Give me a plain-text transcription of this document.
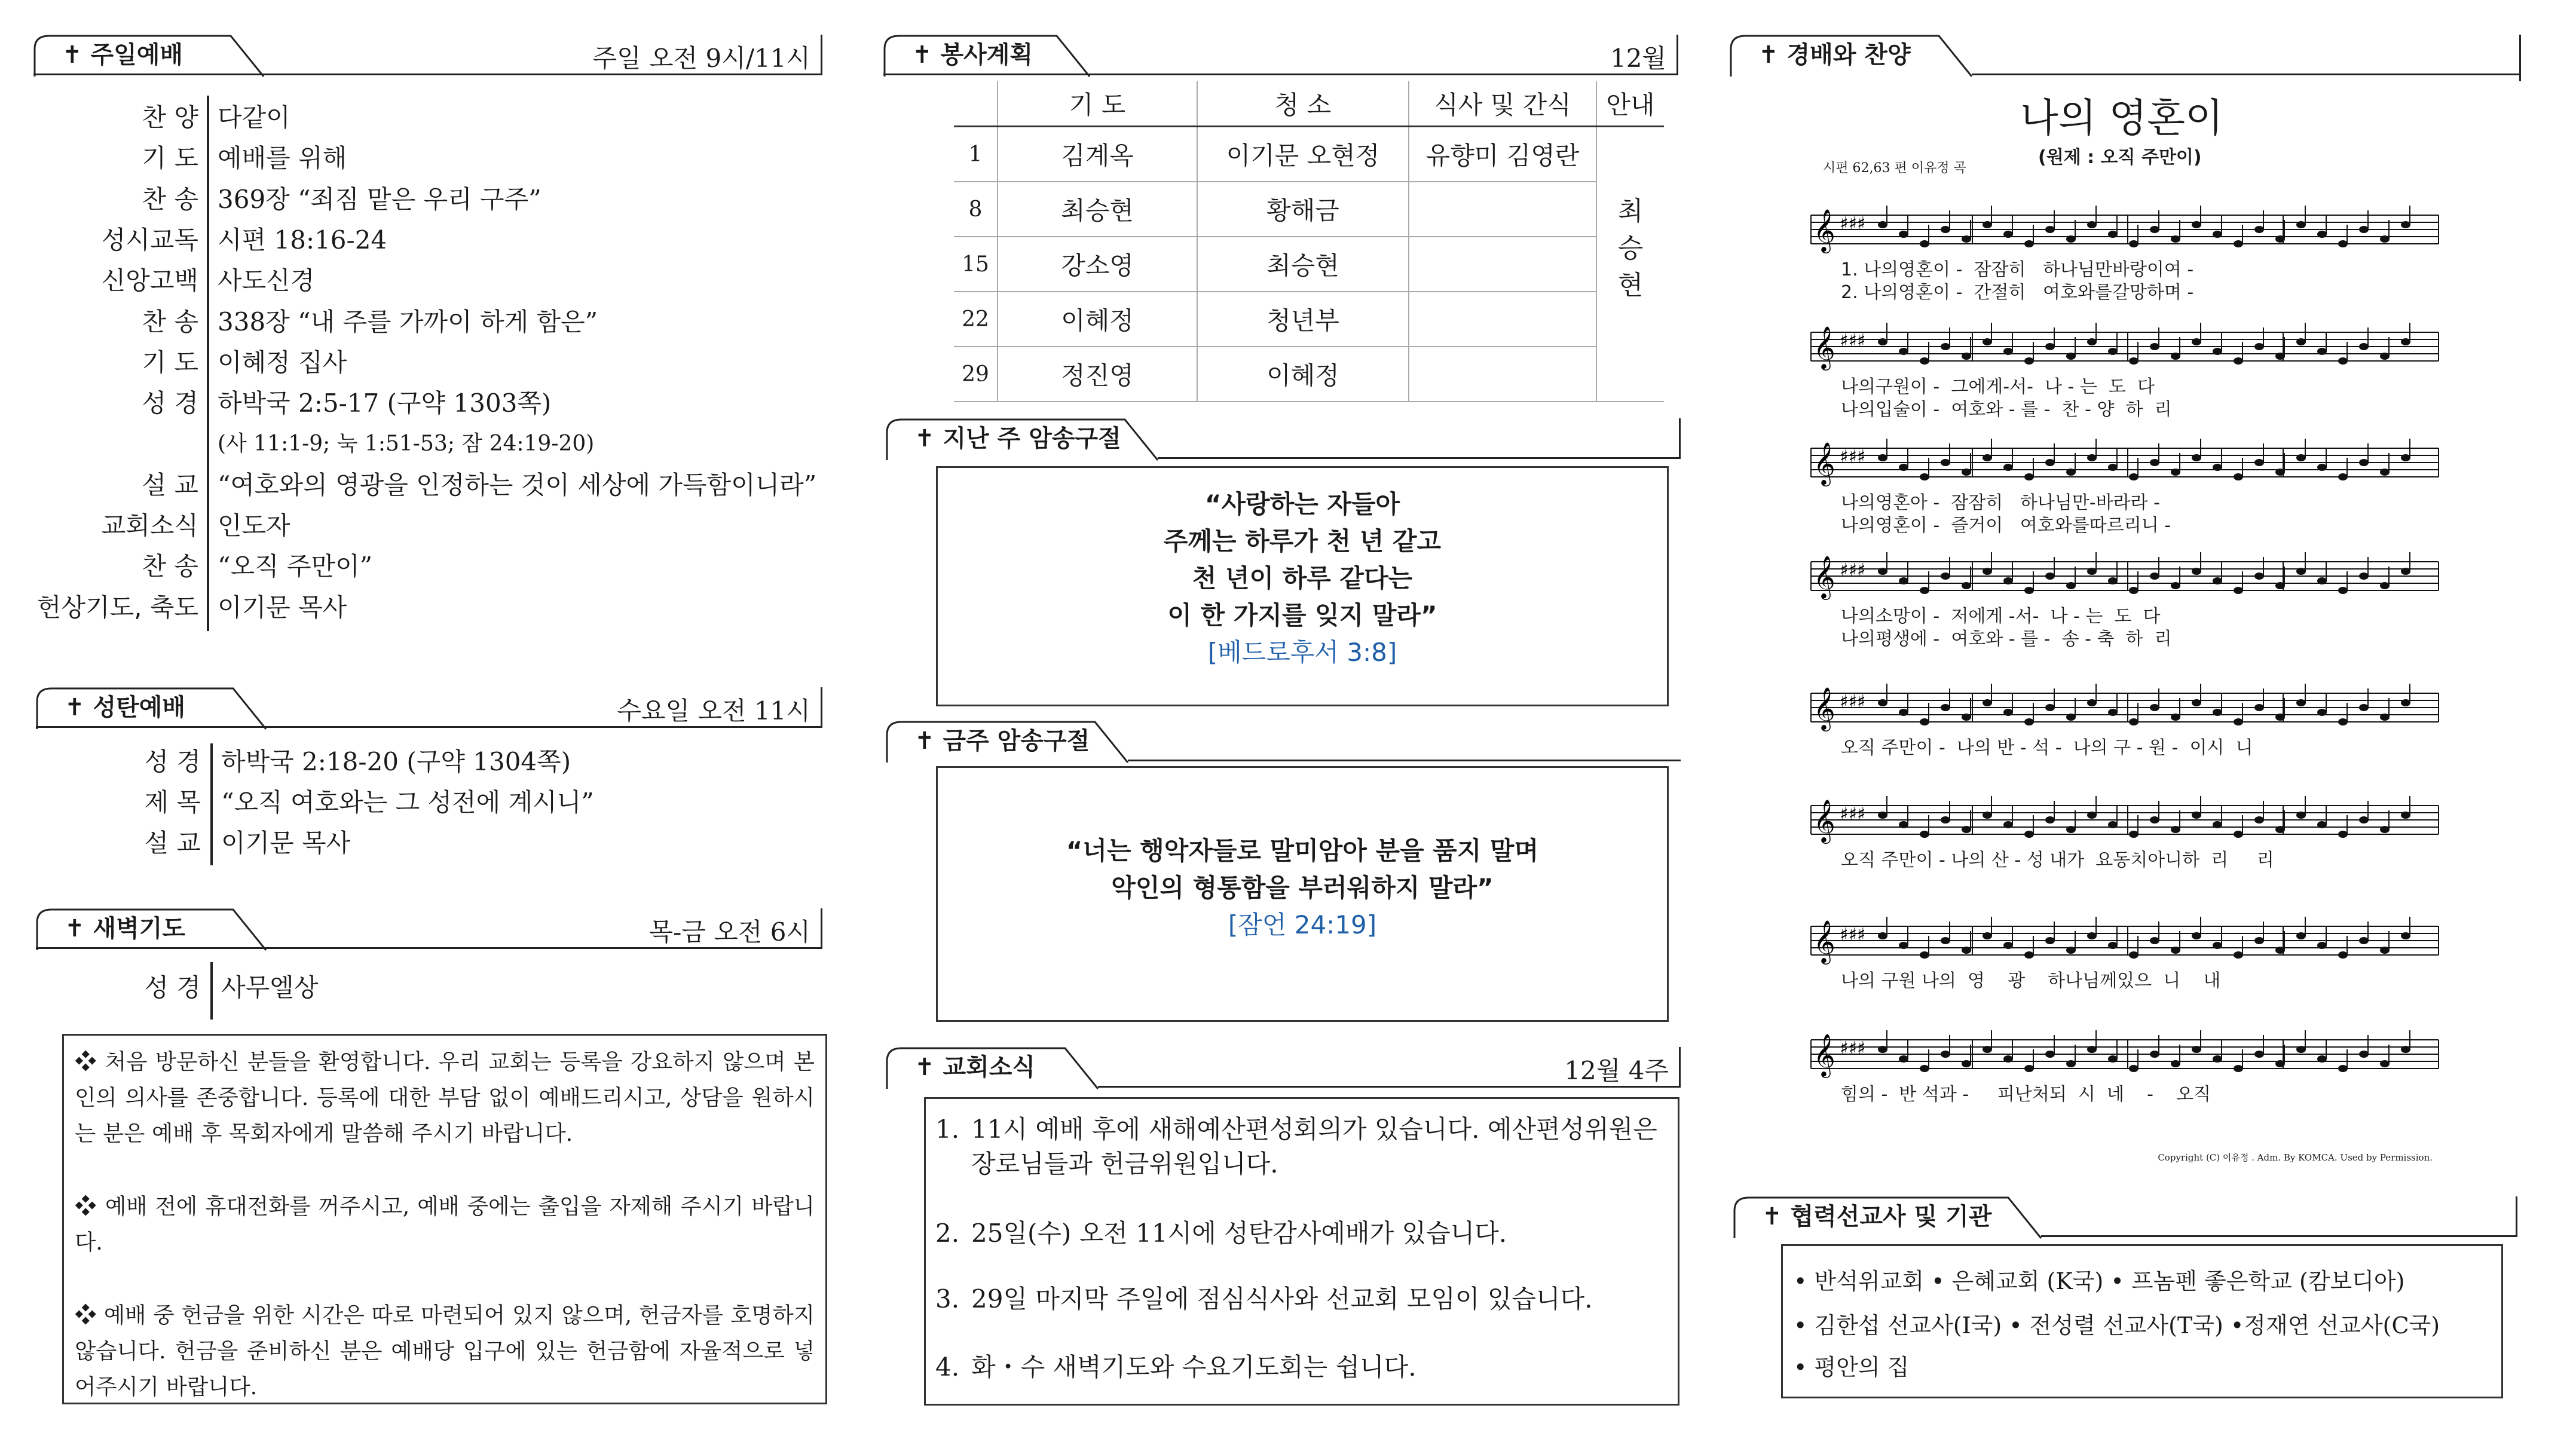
✝ 주일예배	주일 오전 9시/11시
찬 양 다같이
기 도 예배를 위해
찬 송 369장 “죄짐 맡은 우리 구주”
성시교독 시편 18:16-24
신앙고백 사도신경
찬 송 338장 “내 주를 가까이 하게 함은”
기 도 이혜정 집사
성 경 하박국 2:5-17 (구약 1303쪽)
(사 11:1-9; 눅 1:51-53; 잠 24:19-20)
설 교 “여호와의 영광을 인정하는 것이 세상에 가득함이니라”
교회소식 인도자
찬 송 “오직 주만이”
헌상기도, 축도 이기문 목사
✝ 성탄예배	수요일 오전 11시
성 경 하박국 2:18-20 (구약 1304쪽)
제 목 “오직 여호와는 그 성전에 계시니”
설 교 이기문 목사
✝ 새벽기도	목-금 오전 6시
성 경 사무엘상

❖ 처음 방문하신 분들을 환영합니다. 우리 교회는 등록을 강요하지 않으며 본인의 의사를 존중합니다. 등록에 대한 부담 없이 예배드리시고, 상담을 원하시는 분은 예배 후 목회자에게 말씀해 주시기 바랍니다.

❖ 예배 전에 휴대전화를 꺼주시고, 예배 중에는 출입을 자제해 주시기 바랍니다.

❖ 예배 중 헌금을 위한 시간은 따로 마련되어 있지 않으며, 헌금자를 호명하지 않습니다. 헌금을 준비하신 분은 예배당 입구에 있는 헌금함에 자율적으로 넣어주시기 바랍니다.

✝ 봉사계획	12월
	기 도	청 소	식사 및 간식	안내
1	김계옥	이기문 오현정	유향미 김영란	최
승
현

8	최승현	황해금		
15	강소영	최승현		
22	이혜정	청년부		
29	정진영	이혜정		
✝ 지난 주 암송구절
“사랑하는 자들아
주께는 하루가 천 년 같고
천 년이 하루 같다는
이 한 가지를 잊지 말라”
[베드로후서 3:8]
✝ 금주 암송구절
“너는 행악자들로 말미암아 분을 품지 말며
악인의 형통함을 부러워하지 말라”
[잠언 24:19]
✝ 교회소식	12월 4주
1. 11시 예배 후에 새해예산편성회의가 있습니다. 예산편성위원은
장로님들과 헌금위원입니다.
2. 25일(수) 오전 11시에 성탄감사예배가 있습니다.
3. 29일 마지막 주일에 점심식사와 선교회 모임이 있습니다.
4. 화・수 새벽기도와 수요기도회는 쉽니다.
✝ 경배와 찬양
나의 영혼이
(원제 : 오직 주만이)
시편 62,63 편 이유정 곡
𝄞 ♯♯♯
1. 나의영혼이 -  잠잠히   하나님만바랑이여 -
2. 나의영혼이 -  간절히   여호와를갈망하며 -
𝄞 ♯♯♯
나의구원이 -  그에게-서-  나 - 는  도  다
나의입술이 -  여호와 - 를 -  찬 - 양  하  리
𝄞 ♯♯♯
나의영혼아 -  잠잠히   하나님만-바라라 -
나의영혼이 -  즐거이   여호와를따르리니 -
𝄞 ♯♯♯
나의소망이 -  저에게 -서-  나 - 는  도  다
나의평생에 -  여호와 - 를 -  송 - 축  하  리
𝄞 ♯♯♯
오직 주만이 -  나의 반 - 석 -  나의 구 - 원 -  이시  니
𝄞 ♯♯♯
오직 주만이 - 나의 산 - 성 내가  요동치아니하  리     리
𝄞 ♯♯♯
나의 구원 나의  영    광    하나님께있으  니    내
𝄞 ♯♯♯
힘의 -  반 석과 -     피난처되  시  네    -    오직
Copyright (C) 이유정 . Adm. By KOMCA. Used by Permission.
✝ 협력선교사 및 기관
• 반석위교회 • 은혜교회 (K국) • 프놈펜 좋은학교 (캄보디아)
• 김한섭 선교사(I국) • 전성렬 선교사(T국) •정재연 선교사(C국)
• 평안의 집
